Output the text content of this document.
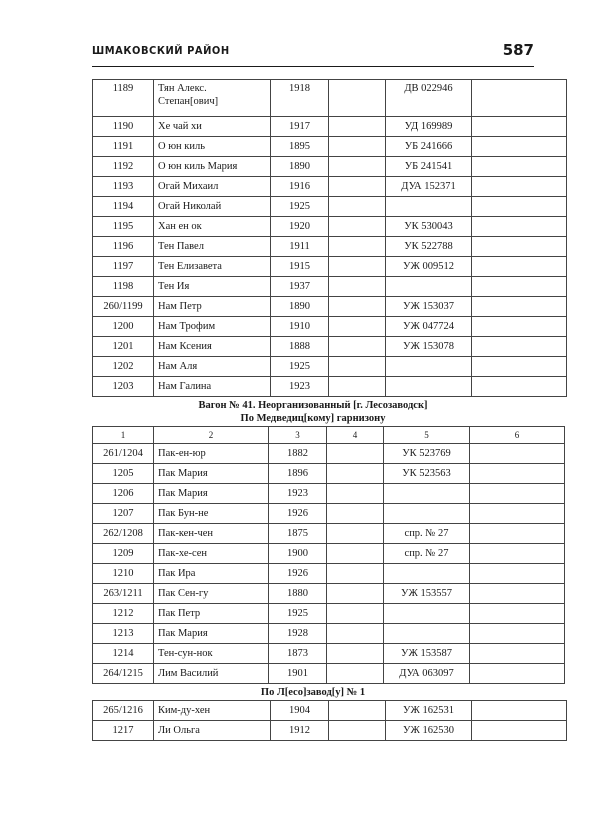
ШМАКОВСКИЙ РАЙОН	587
1189	Тян Алекс.
Степан[ович]	1918		ДВ 022946	
1190	Хе чай хи	1917		УД 169989	
1191	О юн киль	1895		УБ 241666	
1192	О юн киль Мария	1890		УБ 241541	
1193	Огай Михаил	1916		ДУА 152371	
1194	Огай Николай	1925			
1195	Хан ен ок	1920		УК 530043	
1196	Тен Павел	1911		УК 522788	
1197	Тен Елизавета	1915		УЖ 009512	
1198	Тен Ия	1937			
260/1199	Нам Петр	1890		УЖ 153037	
1200	Нам Трофим	1910		УЖ 047724	
1201	Нам Ксения	1888		УЖ 153078	
1202	Нам Аля	1925			
1203	Нам Галина	1923			
Вагон № 41. Неорганизованный [г. Лесозаводск]
По Медведиц[кому] гарнизону
1	2	3	4	5	6
261/1204	Пак-ен-юр	1882		УК 523769	
1205	Пак Мария	1896		УК 523563	
1206	Пак Мария	1923			
1207	Пак Бун-не	1926			
262/1208	Пак-кен-чен	1875		спр. № 27	
1209	Пак-хе-сен	1900		спр. № 27	
1210	Пак Ира	1926			
263/1211	Пак Сен-гу	1880		УЖ 153557	
1212	Пак Петр	1925			
1213	Пак Мария	1928			
1214	Тен-сун-нок	1873		УЖ 153587	
264/1215	Лим Василий	1901		ДУА 063097	
По Л[есо]завод[у] № 1
265/1216	Ким-ду-хен	1904		УЖ 162531	
1217	Ли Ольга	1912		УЖ 162530	
